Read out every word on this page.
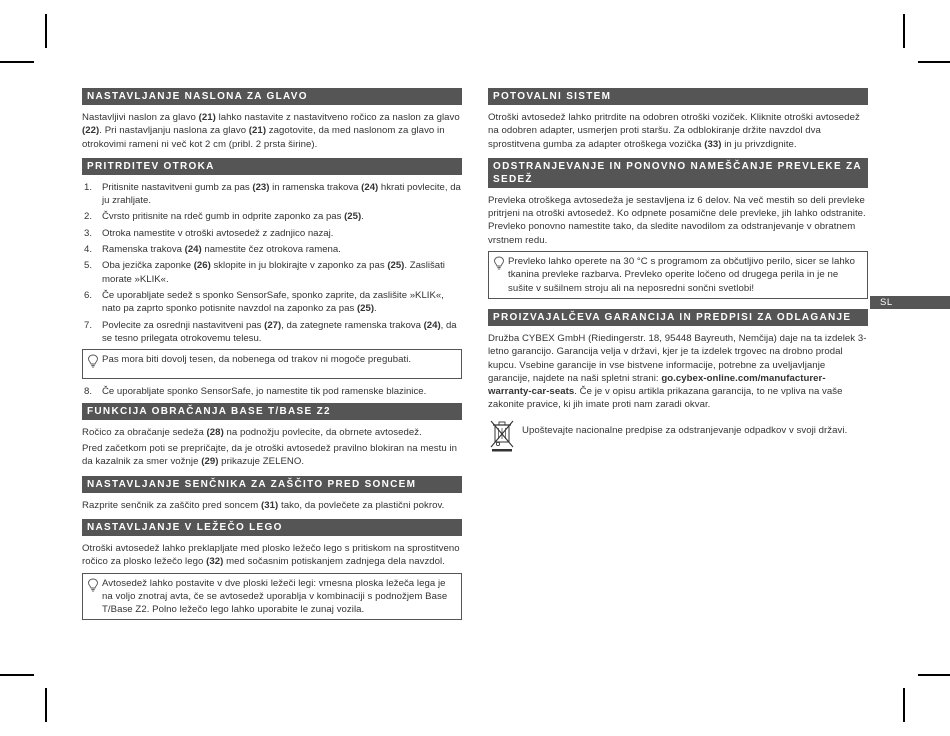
SL
NASTAVLJANJE NASLONA ZA GLAVO

Nastavljivi naslon za glavo (21) lahko nastavite z nastavitveno ročico za naslon za glavo (22). Pri nastavljanju naslona za glavo (21) zagotovite, da med naslonom za glavo in otrokovimi rameni ni več kot 2 cm (pribl. 2 prsta širine).

PRITRDITEV OTROKA
1. Pritisnite nastavitveni gumb za pas (23) in ramenska trakova (24) hkrati povlecite, da ju zrahljate.
2. Čvrsto pritisnite na rdeč gumb in odprite zaponko za pas (25).
3. Otroka namestite v otroški avtosedež z zadnjico nazaj.
4. Ramenska trakova (24) namestite čez otrokova ramena.
5. Oba jezička zaponke (26) sklopite in ju blokirajte v zaponko za pas (25). Zaslišati morate »KLIK«.
6. Če uporabljate sedež s sponko SensorSafe, sponko zaprite, da zaslišite »KLIK«, nato pa zaprto sponko potisnite navzdol na zaponko za pas (25).
7. Povlecite za osrednji nastavitveni pas (27), da zategnete ramenska trakova (24), da se tesno prilegata otrokovemu telesu.

Pas mora biti dovolj tesen, da nobenega od trakov ni mogoče pregubati.

8. Če uporabljate sponko SensorSafe, jo namestite tik pod ramenske blazinice.
FUNKCIJA OBRAČANJA BASE T/BASE Z2

Ročico za obračanje sedeža (28) na podnožju povlecite, da obrnete avtosedež.

Pred začetkom poti se prepričajte, da je otroški avtosedež pravilno blokiran na mestu in da kazalnik za smer vožnje (29) prikazuje ZELENO.

NASTAVLJANJE SENČNIKA ZA ZAŠČITO PRED SONCEM

Razprite senčnik za zaščito pred soncem (31) tako, da povlečete za plastični pokrov.

NASTAVLJANJE V LEŽEČO LEGO

Otroški avtosedež lahko preklapljate med plosko ležečo lego s pritiskom na sprostitveno ročico za plosko ležečo lego (32) med sočasnim potiskanjem zadnjega dela navzdol.

Avtosedež lahko postavite v dve ploski ležeči legi: vmesna ploska ležeča lega je na voljo znotraj avta, če se avtosedež uporablja v kombinaciji s podnožjem Base T/Base Z2. Polno ležečo lego lahko uporabite le zunaj vozila.

POTOVALNI SISTEM

Otroški avtosedež lahko pritrdite na odobren otroški voziček. Kliknite otroški avtosedež na odobren adapter, usmerjen proti staršu. Za odblokiranje držite navzdol dva sprostitvena gumba za adapter otroškega vozička (33) in ju privzdignite.

ODSTRANJEVANJE IN PONOVNO NAMEŠČANJE PREVLEKE ZA SEDEŽ

Prevleka otroškega avtosedeža je sestavljena iz 6 delov. Na več mestih so deli prevleke pritrjeni na otroški avtosedež. Ko odpnete posamične dele prevleke, jih lahko odstranite. Prevleko ponovno namestite tako, da sledite navodilom za odstranjevanje v obratnem vrstnem redu.

Prevleko lahko operete na 30 °C s programom za občutljivo perilo, sicer se lahko tkanina prevleke razbarva. Prevleko operite ločeno od drugega perila in je ne sušite v sušilnem stroju ali na neposredni sončni svetlobi!

PROIZVAJALČEVA GARANCIJA IN PREDPISI ZA ODLAGANJE

Družba CYBEX GmbH (Riedingerstr. 18, 95448 Bayreuth, Nemčija) daje na ta izdelek 3-letno garancijo. Garancija velja v državi, kjer je ta izdelek trgovec na drobno prodal kupcu. Vsebine garancije in vse bistvene informacije, potrebne za uveljavljanje garancije, najdete na naši spletni strani: go.cybex-online.com/manufacturer-warranty-car-seats. Če je v opisu artikla prikazana garancija, to ne vpliva na vaše zakonite pravice, ki jih imate proti nam zaradi okvar.

Upoštevajte nacionalne predpise za odstranjevanje odpadkov v svoji državi.
